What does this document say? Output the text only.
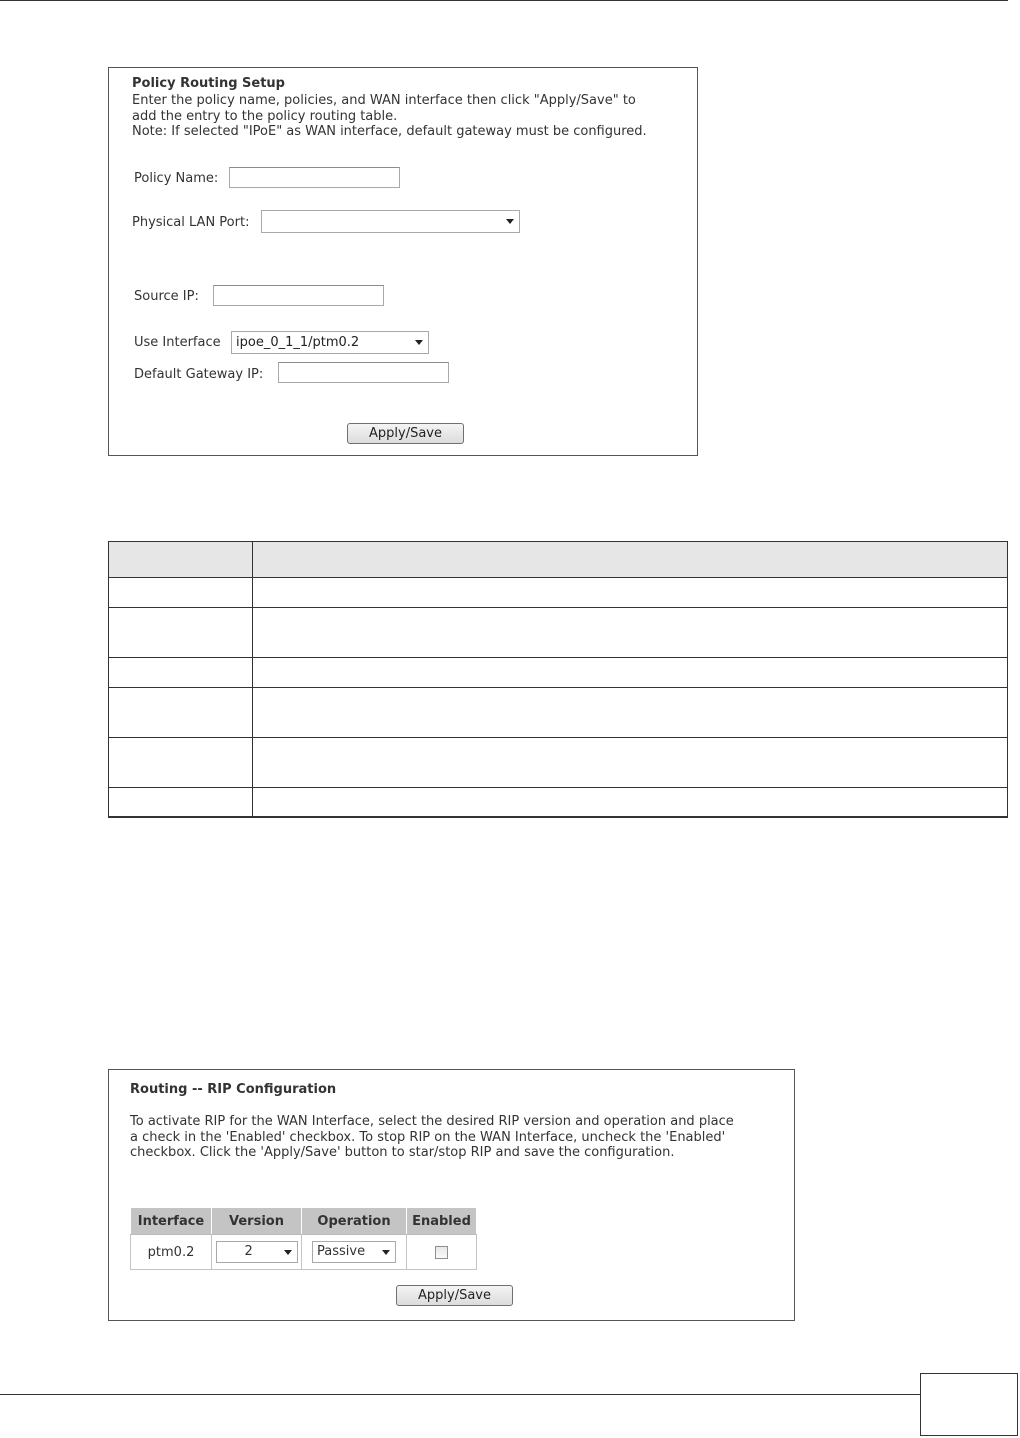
Policy Routing Setup
Enter the policy name, policies, and WAN interface then click "Apply/Save" to
add the entry to the policy routing table.
Note: If selected "IPoE" as WAN interface, default gateway must be configured.
Policy Name:
Physical LAN Port:
Source IP:
Use Interface	ipoe_0_1_1/ptm0.2
Default Gateway IP:
Apply/Save
Routing -- RIP Configuration
To activate RIP for the WAN Interface, select the desired RIP version and operation and place
a check in the 'Enabled' checkbox. To stop RIP on the WAN Interface, uncheck the 'Enabled'
checkbox. Click the 'Apply/Save' button to star/stop RIP and save the configuration.
Interface	Version	Operation	Enabled
ptm0.2	2	Passive

Apply/Save
